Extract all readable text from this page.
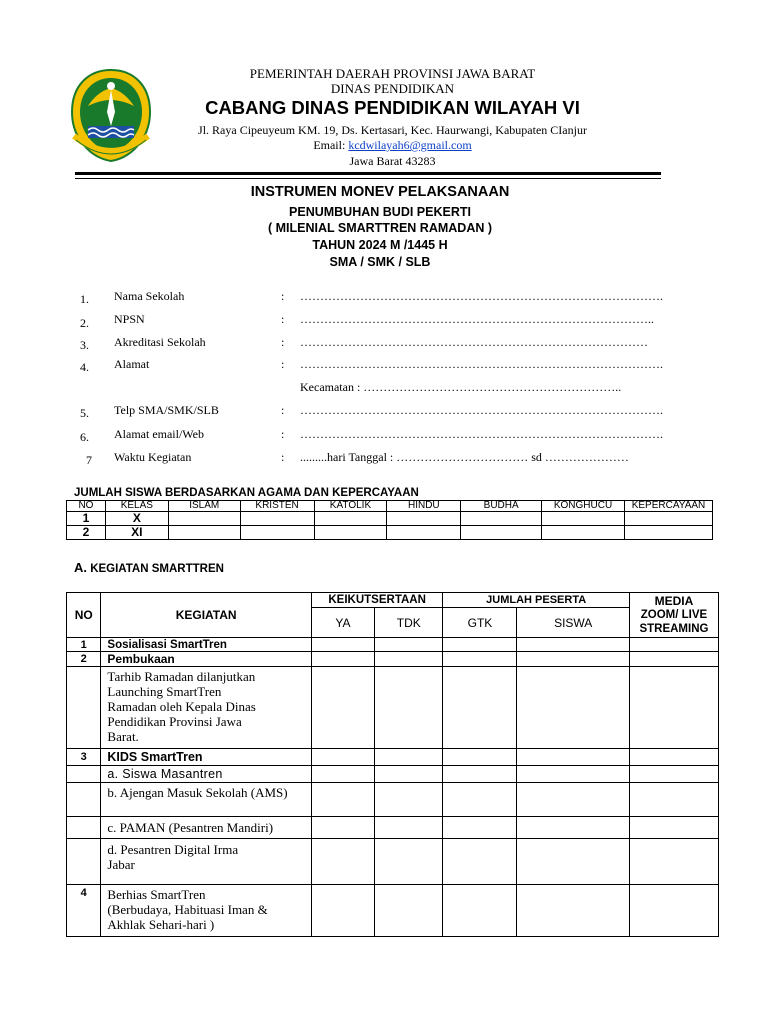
PEMERINTAH DAERAH PROVINSI JAWA BARAT
DINAS PENDIDIKAN
CABANG DINAS PENDIDIKAN WILAYAH VI
Jl. Raya Cipeuyeum KM. 19, Ds. Kertasari, Kec. Haurwangi, Kabupaten CIanjur
Email: kcdwilayah6@gmail.com
Jawa Barat 43283
INSTRUMEN MONEV PELAKSANAAN
PENUMBUHAN BUDI PEKERTI
( MILENIAL SMARTTREN RAMADAN )
TAHUN 2024 M /1445 H
SMA / SMK / SLB
1. Nama Sekolah	: ……………………………………………………………………………….
2. NPSN	: ……………………………………………………………………………..
3. Akreditasi Sekolah	: ……………………………………………………………………………
4. Alamat	: ……………………………………………………………………………….
Kecamatan : ………………………………………………………..
5. Telp SMA/SMK/SLB	: ……………………………………………………………………………….
6. Alamat email/Web	: ……………………………………………………………………………….
7 Waktu Kegiatan	: .........hari Tanggal : …………………………… sd …………………
JUMLAH SISWA BERDASARKAN AGAMA DAN KEPERCAYAAN
NO	KELAS	ISLAM	KRISTEN	KATOLIK	HINDU	BUDHA	KONGHUCU	KEPERCAYAAN
1	X							
2	XI							
A. KEGIATAN SMARTTREN
NO	KEGIATAN	KEIKUTSERTAAN		JUMLAH PESERTA		MEDIA
ZOOM/ LIVE STREAMING

		YA	TDK	GTK	SISWA	
1	Sosialisasi SmartTren					
2	Pembukaan					
	Tarhib Ramadan dilanjutkan Launching SmartTren Ramadan oleh Kepala Dinas Pendidikan Provinsi Jawa Barat.					
3	KIDS SmartTren					
	a. Siswa Masantren					
	b. Ajengan Masuk Sekolah (AMS)					
	c. PAMAN (Pesantren Mandiri)					
	d. Pesantren Digital Irma Jabar					
4	Berhias SmartTren
(Berbudaya, Habituasi Iman & Akhlak Sehari-hari )					
